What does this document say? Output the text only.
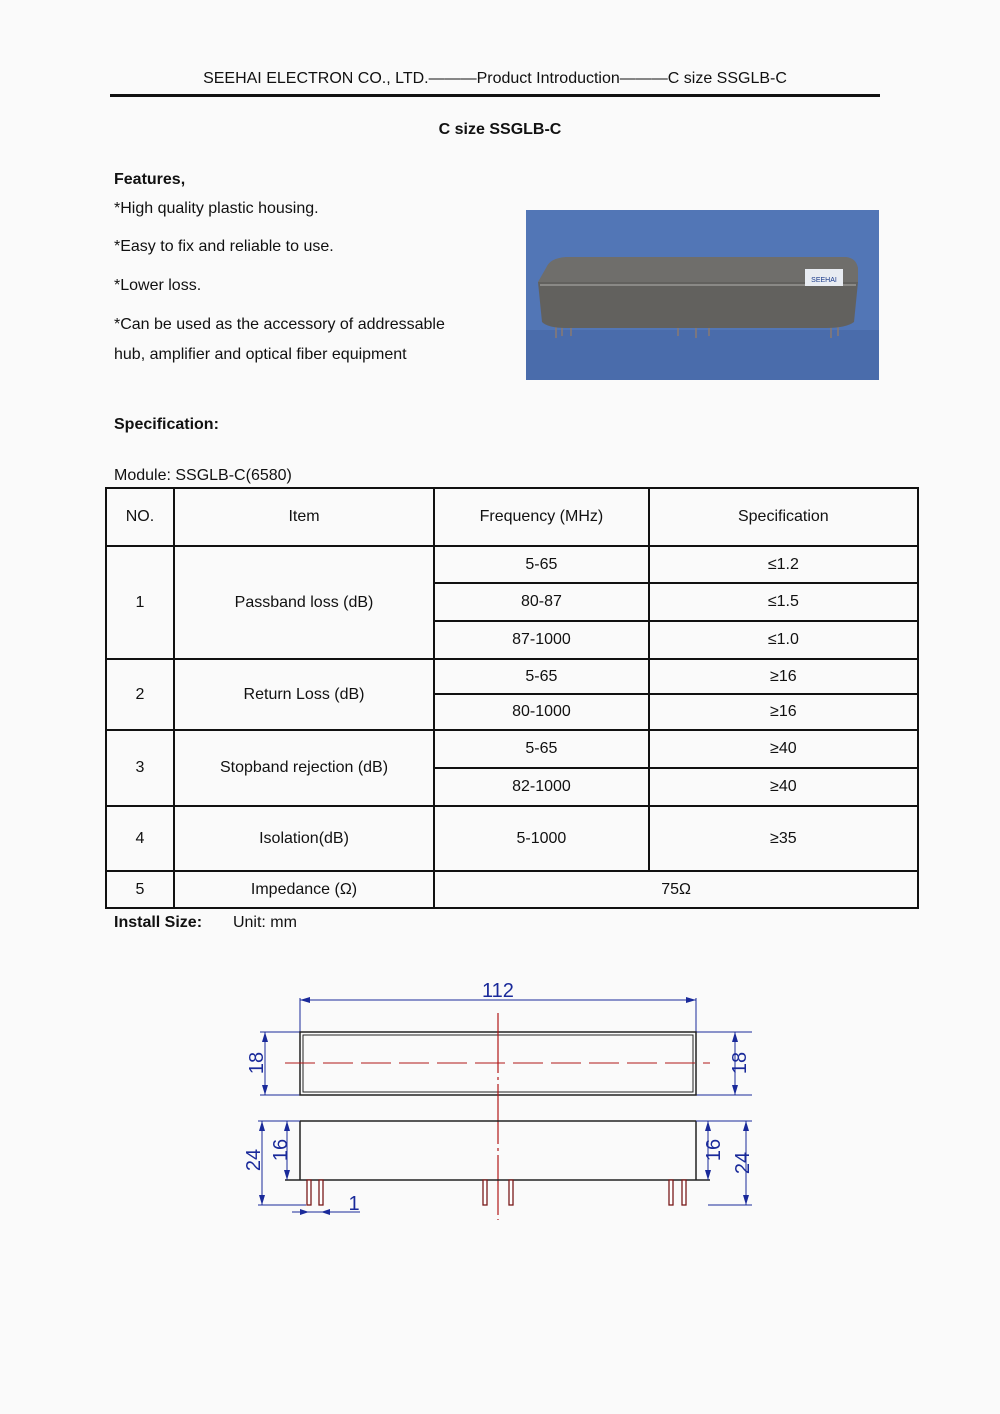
SEEHAI ELECTRON CO., LTD.———Product Introduction———C size SSGLB-C
C size SSGLB-C
Features,
*High quality plastic housing.
*Easy to fix and reliable to use.
*Lower loss.
*Can be used as the accessory of addressable
hub, amplifier and optical fiber equipment
SEEHAI
Specification:
Module: SSGLB-C(6580)
NO.	Item	Frequency (MHz)	Specification
1	Passband loss (dB)	5-65	≤1.2
		80-87	≤1.5
		87-1000	≤1.0
2	Return Loss (dB)	5-65	≥16
		80-1000	≥16
3	Stopband rejection (dB)	5-65	≥40
		82-1000	≥40
4	Isolation(dB)	5-1000	≥35
5	Impedance (Ω)	75Ω	
Install Size: Unit: mm
112
18	18
24 16	16
24
1
